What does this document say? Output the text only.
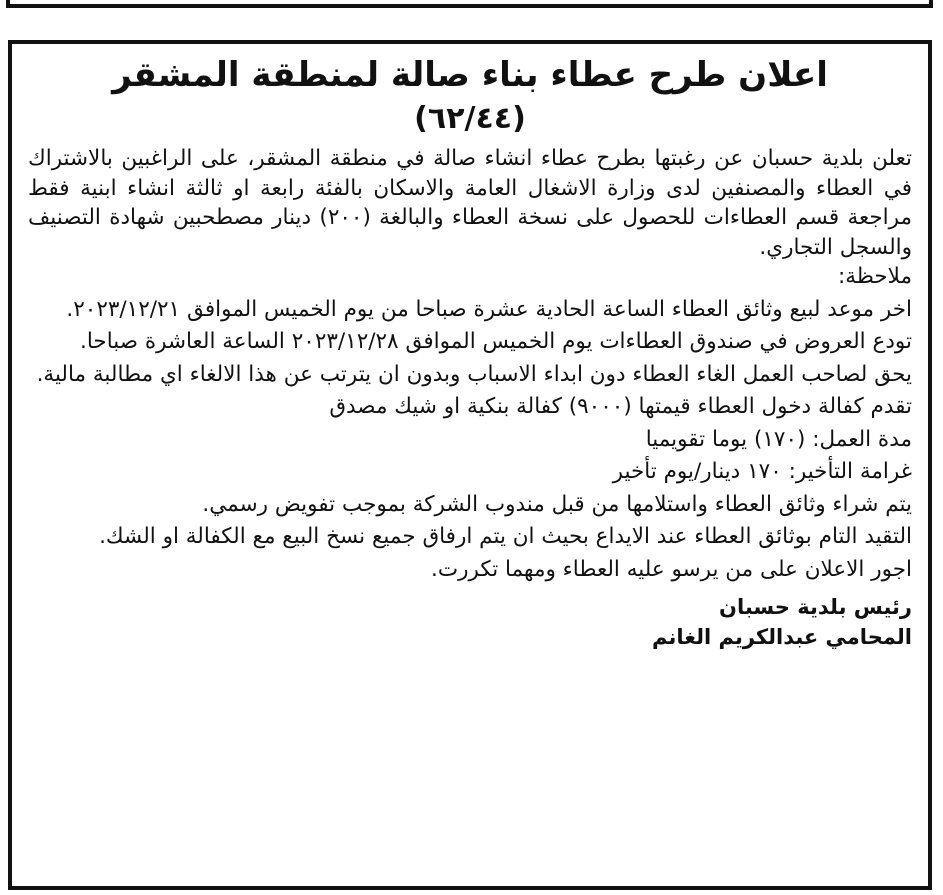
اعلان طرح عطاء بناء صالة لمنطقة المشقر
(٦٢/٤٤)

تعلن بلدية حسبان عن رغبتها بطرح عطاء انشاء صالة في منطقة المشقر، على الراغبين بالاشتراك في العطاء والمصنفين لدى وزارة الاشغال العامة والاسكان بالفئة رابعة او ثالثة انشاء ابنية فقط مراجعة قسم العطاءات للحصول على نسخة العطاء والبالغة (٢٠٠) دينار مصطحبين شهادة التصنيف والسجل التجاري.

ملاحظة:

اخر موعد لبيع وثائق العطاء الساعة الحادية عشرة صباحا من يوم الخميس الموافق ٢٠٢٣/١٢/٢١.

تودع العروض في صندوق العطاءات يوم الخميس الموافق ٢٠٢٣/١٢/٢٨ الساعة العاشرة صباحا.

يحق لصاحب العمل الغاء العطاء دون ابداء الاسباب وبدون ان يترتب عن هذا الالغاء اي مطالبة مالية.

تقدم كفالة دخول العطاء قيمتها (٩٠٠٠) كفالة بنكية او شيك مصدق

مدة العمل: (١٧٠) يوما تقويميا

غرامة التأخير: ١٧٠ دينار/يوم تأخير

يتم شراء وثائق العطاء واستلامها من قبل مندوب الشركة بموجب تفويض رسمي.

التقيد التام بوثائق العطاء عند الايداع بحيث ان يتم ارفاق جميع نسخ البيع مع الكفالة او الشك.

اجور الاعلان على من يرسو عليه العطاء ومهما تكررت.

رئيس بلدية حسبان
المحامي عبدالكريم الغانم
